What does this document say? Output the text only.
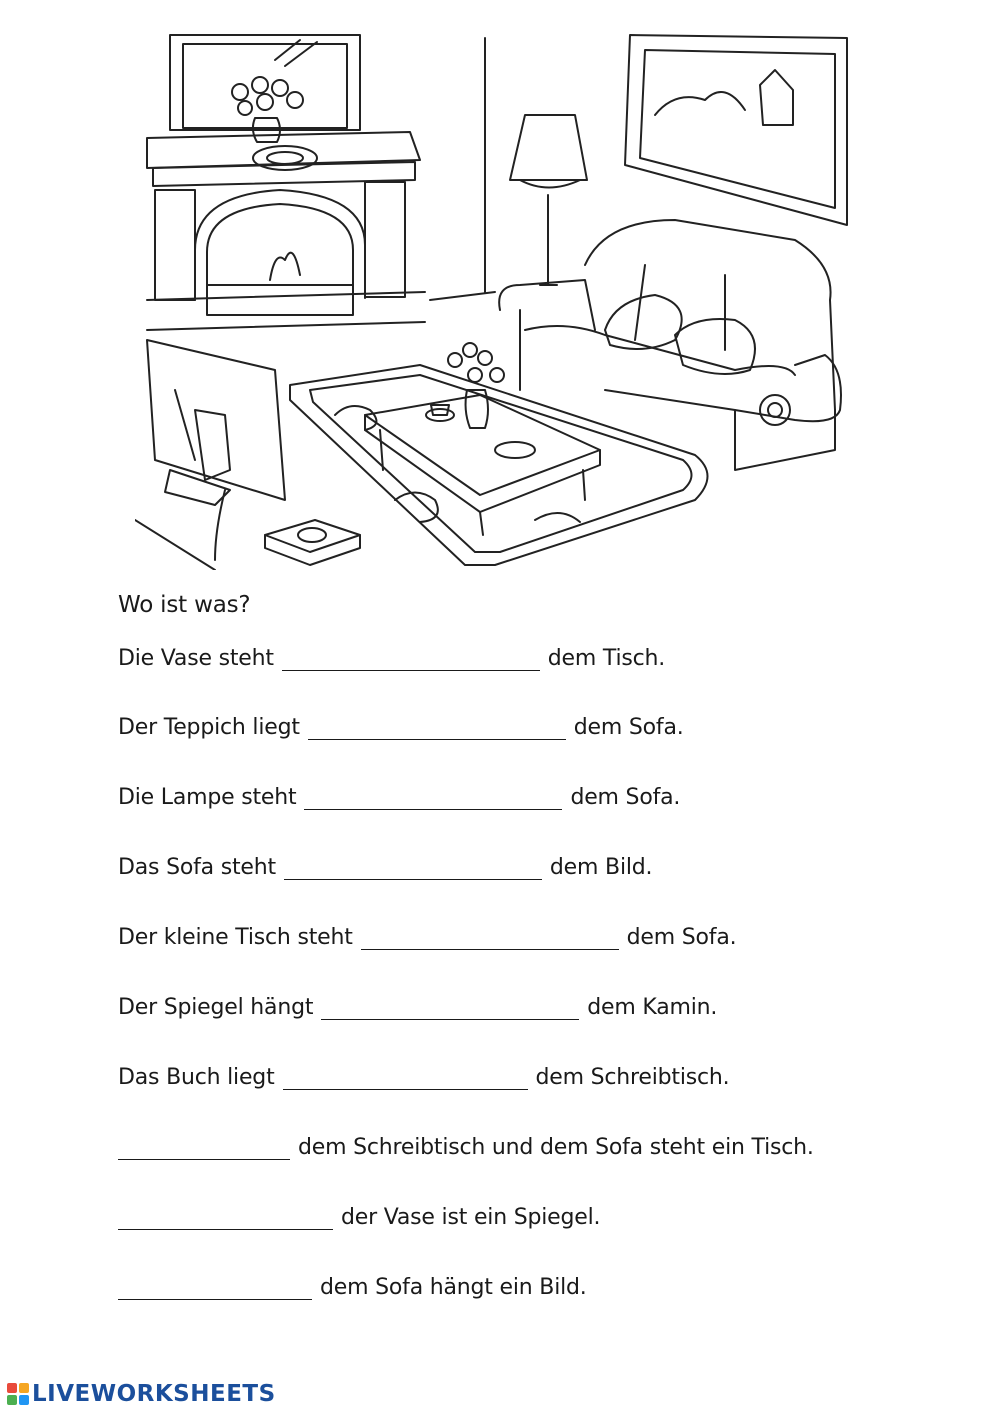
Wo ist was?
Die Vase steht	dem Tisch.
Der Teppich liegt	dem Sofa.
Die Lampe steht	dem Sofa.
Das Sofa steht	dem Bild.
Der kleine Tisch steht	dem Sofa.
Der Spiegel hängt	dem Kamin.
Das Buch liegt	dem Schreibtisch.
dem Schreibtisch und dem Sofa steht ein Tisch.
der Vase ist ein Spiegel.
dem Sofa hängt ein Bild.
LIVEWORKSHEETS
